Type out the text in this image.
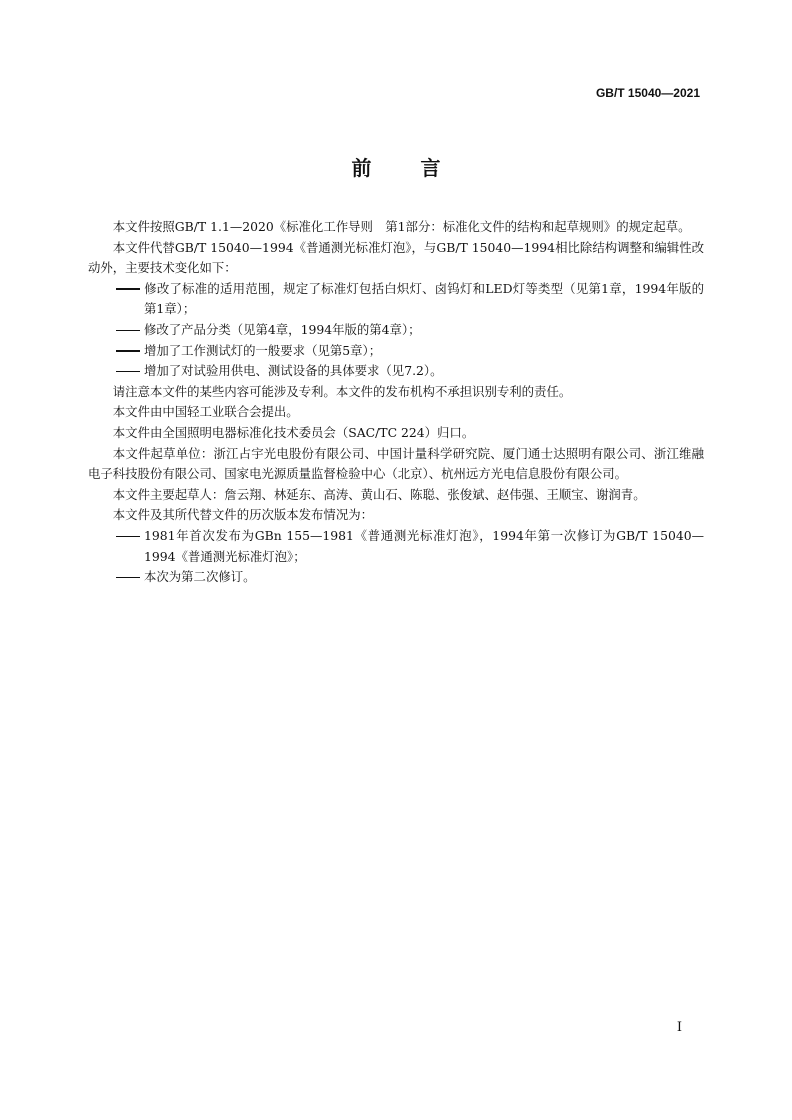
GB/T 15040—2021
前 言

本文件按照GB/T 1.1—2020《标准化工作导则　第1部分：标准化文件的结构和起草规则》的规定起草。

本文件代替GB/T 15040—1994《普通测光标准灯泡》，与GB/T 15040—1994相比除结构调整和编辑性改动外，主要技术变化如下：

修改了标准的适用范围，规定了标准灯包括白炽灯、卤钨灯和LED灯等类型（见第1章，1994年版的第1章）；

修改了产品分类（见第4章，1994年版的第4章）；

增加了工作测试灯的一般要求（见第5章）；

增加了对试验用供电、测试设备的具体要求（见7.2）。

请注意本文件的某些内容可能涉及专利。本文件的发布机构不承担识别专利的责任。

本文件由中国轻工业联合会提出。

本文件由全国照明电器标准化技术委员会（SAC/TC 224）归口。

本文件起草单位：浙江占宇光电股份有限公司、中国计量科学研究院、厦门通士达照明有限公司、浙江维融电子科技股份有限公司、国家电光源质量监督检验中心（北京）、杭州远方光电信息股份有限公司。

本文件主要起草人：詹云翔、林延东、高涛、黄山石、陈聪、张俊斌、赵伟强、王顺宝、谢润青。

本文件及其所代替文件的历次版本发布情况为：

1981年首次发布为GBn 155—1981《普通测光标准灯泡》，1994年第一次修订为GB/T 15040—1994《普通测光标准灯泡》；

本次为第二次修订。

I
